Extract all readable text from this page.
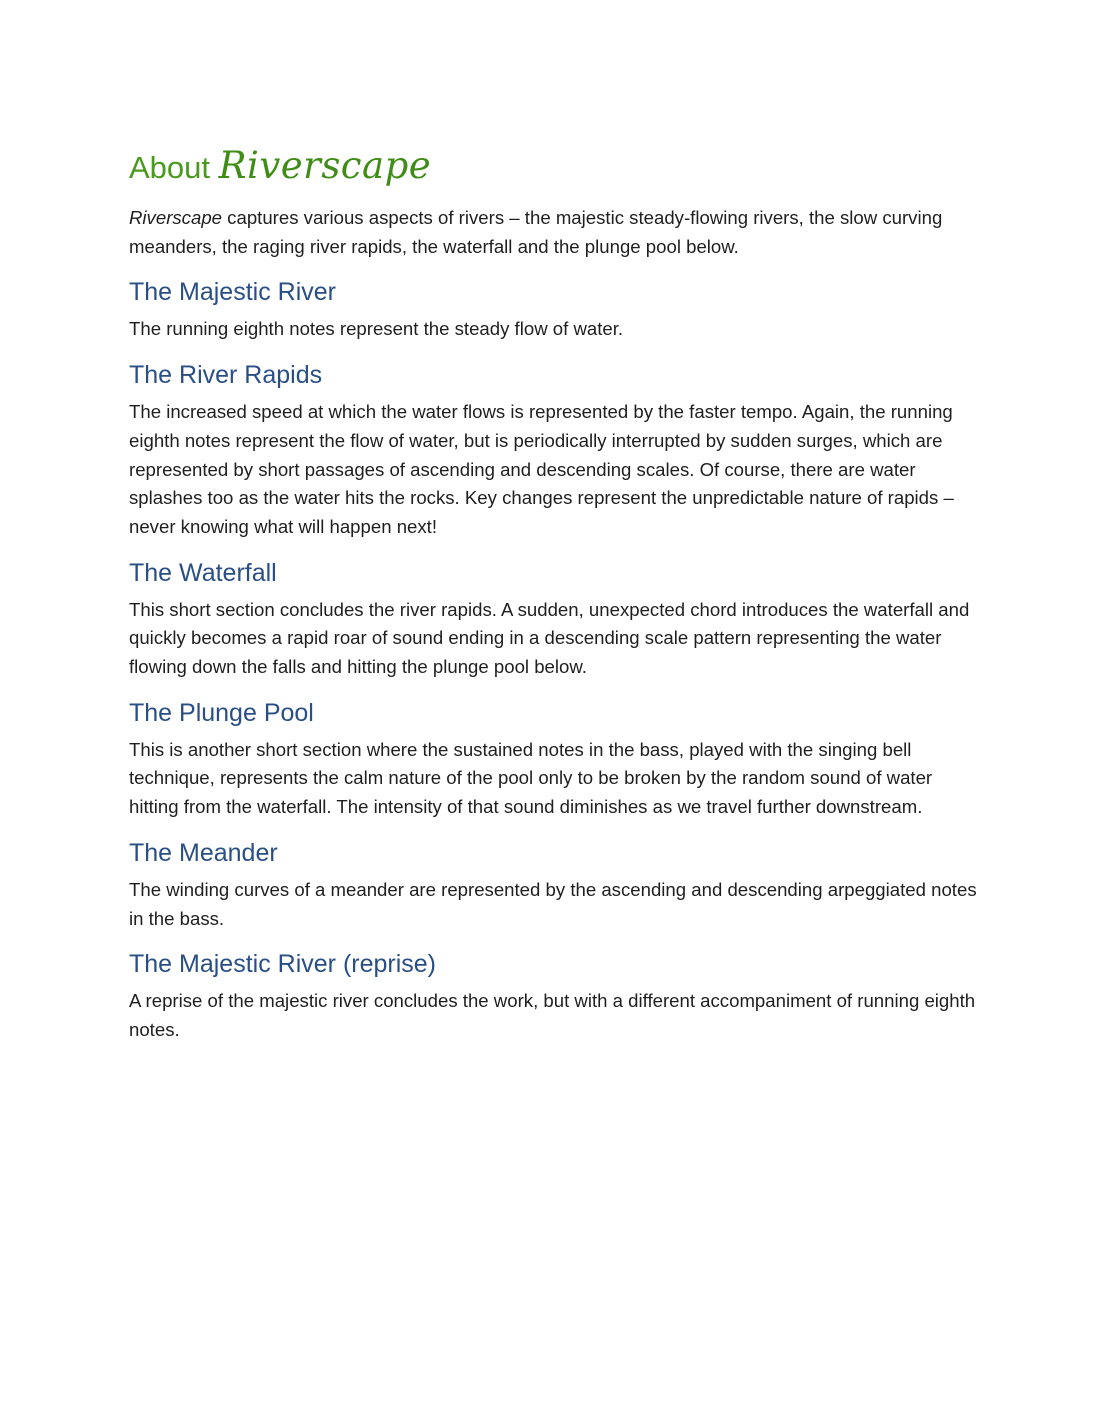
About Riverscape

Riverscape captures various aspects of rivers – the majestic steady-flowing rivers, the slow curving meanders, the raging river rapids, the waterfall and the plunge pool below.

The Majestic River

The running eighth notes represent the steady flow of water.

The River Rapids

The increased speed at which the water flows is represented by the faster tempo. Again, the running eighth notes represent the flow of water, but is periodically interrupted by sudden surges, which are represented by short passages of ascending and descending scales. Of course, there are water splashes too as the water hits the rocks. Key changes represent the unpredictable nature of rapids – never knowing what will happen next!

The Waterfall

This short section concludes the river rapids. A sudden, unexpected chord introduces the waterfall and quickly becomes a rapid roar of sound ending in a descending scale pattern representing the water flowing down the falls and hitting the plunge pool below.

The Plunge Pool

This is another short section where the sustained notes in the bass, played with the singing bell technique, represents the calm nature of the pool only to be broken by the random sound of water hitting from the waterfall. The intensity of that sound diminishes as we travel further downstream.

The Meander

The winding curves of a meander are represented by the ascending and descending arpeggiated notes in the bass.

The Majestic River (reprise)

A reprise of the majestic river concludes the work, but with a different accompaniment of running eighth notes.
